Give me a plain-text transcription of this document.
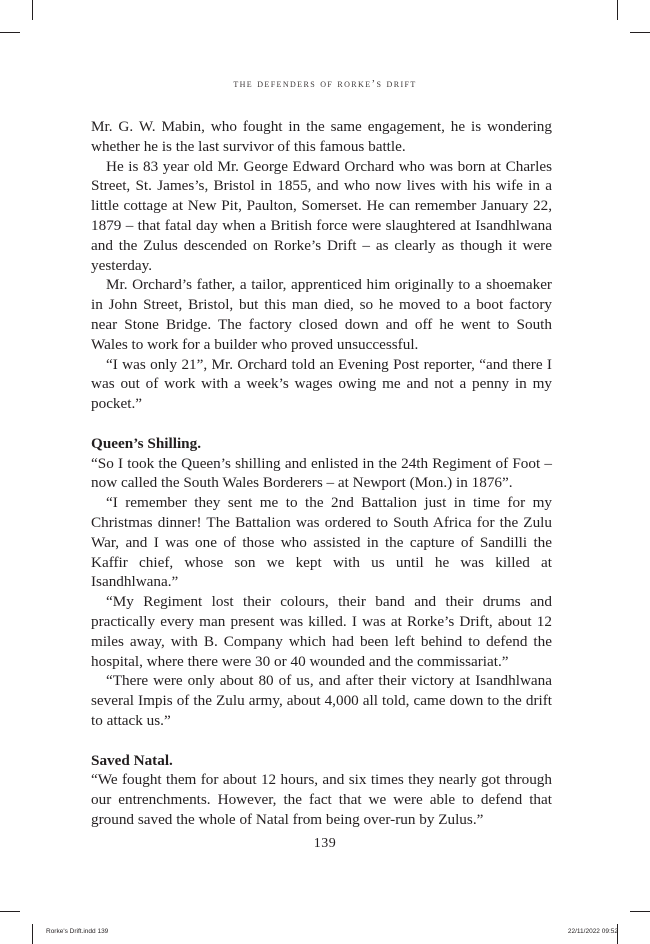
the defenders of rorke’s drift

Mr. G. W. Mabin, who fought in the same engagement, he is wondering whether he is the last survivor of this famous battle.

He is 83 year old Mr. George Edward Orchard who was born at Charles Street, St. James’s, Bristol in 1855, and who now lives with his wife in a little cottage at New Pit, Paulton, Somerset. He can remember January 22, 1879 – that fatal day when a British force were slaughtered at Isandhlwana and the Zulus descended on Rorke’s Drift – as clearly as though it were yesterday.

Mr. Orchard’s father, a tailor, apprenticed him originally to a shoemaker in John Street, Bristol, but this man died, so he moved to a boot factory near Stone Bridge. The factory closed down and off he went to South Wales to work for a builder who proved unsuccessful.

“I was only 21”, Mr. Orchard told an Evening Post reporter, “and there I was out of work with a week’s wages owing me and not a penny in my pocket.”

Queen’s Shilling.

“So I took the Queen’s shilling and enlisted in the 24th Regiment of Foot – now called the South Wales Borderers – at Newport (Mon.) in 1876”.

“I remember they sent me to the 2nd Battalion just in time for my Christmas dinner! The Battalion was ordered to South Africa for the Zulu War, and I was one of those who assisted in the capture of Sandilli the Kaffir chief, whose son we kept with us until he was killed at Isandhlwana.”

“My Regiment lost their colours, their band and their drums and practically every man present was killed. I was at Rorke’s Drift, about 12 miles away, with B. Company which had been left behind to defend the hospital, where there were 30 or 40 wounded and the commissariat.”

“There were only about 80 of us, and after their victory at Isandhlwana several Impis of the Zulu army, about 4,000 all told, came down to the drift to attack us.”

Saved Natal.

“We fought them for about 12 hours, and six times they nearly got through our entrenchments. However, the fact that we were able to defend that ground saved the whole of Natal from being over-run by Zulus.”

139
Rorke's Drift.indd 139	22/11/2022 09:52
